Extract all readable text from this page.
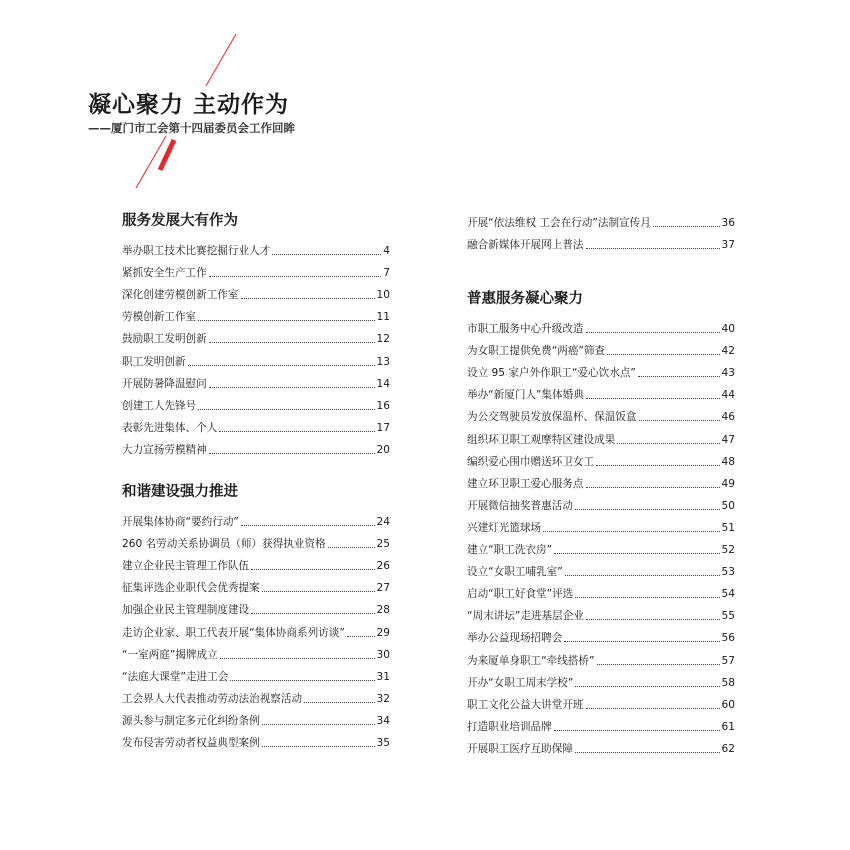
凝心聚力 主动作为

——厦门市工会第十四届委员会工作回眸

服务发展大有作为
举办职工技术比赛挖掘行业人才	4
紧抓安全生产工作	7
深化创建劳模创新工作室	10
劳模创新工作室	11
鼓励职工发明创新	12
职工发明创新	13
开展防暑降温慰问	14
创建工人先锋号	16
表彰先进集体、个人	17
大力宣扬劳模精神	20
和谐建设强力推进
开展集体协商“要约行动”	24
260 名劳动关系协调员（师）获得执业资格	25
建立企业民主管理工作队伍	26
征集评选企业职代会优秀提案	27
加强企业民主管理制度建设	28
走访企业家、职工代表开展“集体协商系列访谈”	29
“一室两庭”揭牌成立	30
“法庭大课堂”走进工会	31
工会界人大代表推动劳动法治视察活动	32
源头参与制定多元化纠纷条例	34
发布侵害劳动者权益典型案例	35
开展“依法维权 工会在行动”法制宣传月	36
融合新媒体开展网上普法	37
普惠服务凝心聚力
市职工服务中心升级改造	40
为女职工提供免费“两癌”筛查	42
设立 95 家户外作职工“爱心饮水点”	43
举办“新厦门人”集体婚典	44
为公交驾驶员发放保温杯、保温饭盒	46
组织环卫职工观摩特区建设成果	47
编织爱心围巾赠送环卫女工	48
建立环卫职工爱心服务点	49
开展微信抽奖普惠活动	50
兴建灯光篮球场	51
建立“职工洗衣房”	52
设立“女职工哺乳室”	53
启动“职工好食堂”评选	54
“周末讲坛”走进基层企业	55
举办公益现场招聘会	56
为来厦单身职工“牵线搭桥”	57
开办“女职工周末学校”	58
职工文化公益大讲堂开班	60
打造职业培训品牌	61
开展职工医疗互助保障	62
